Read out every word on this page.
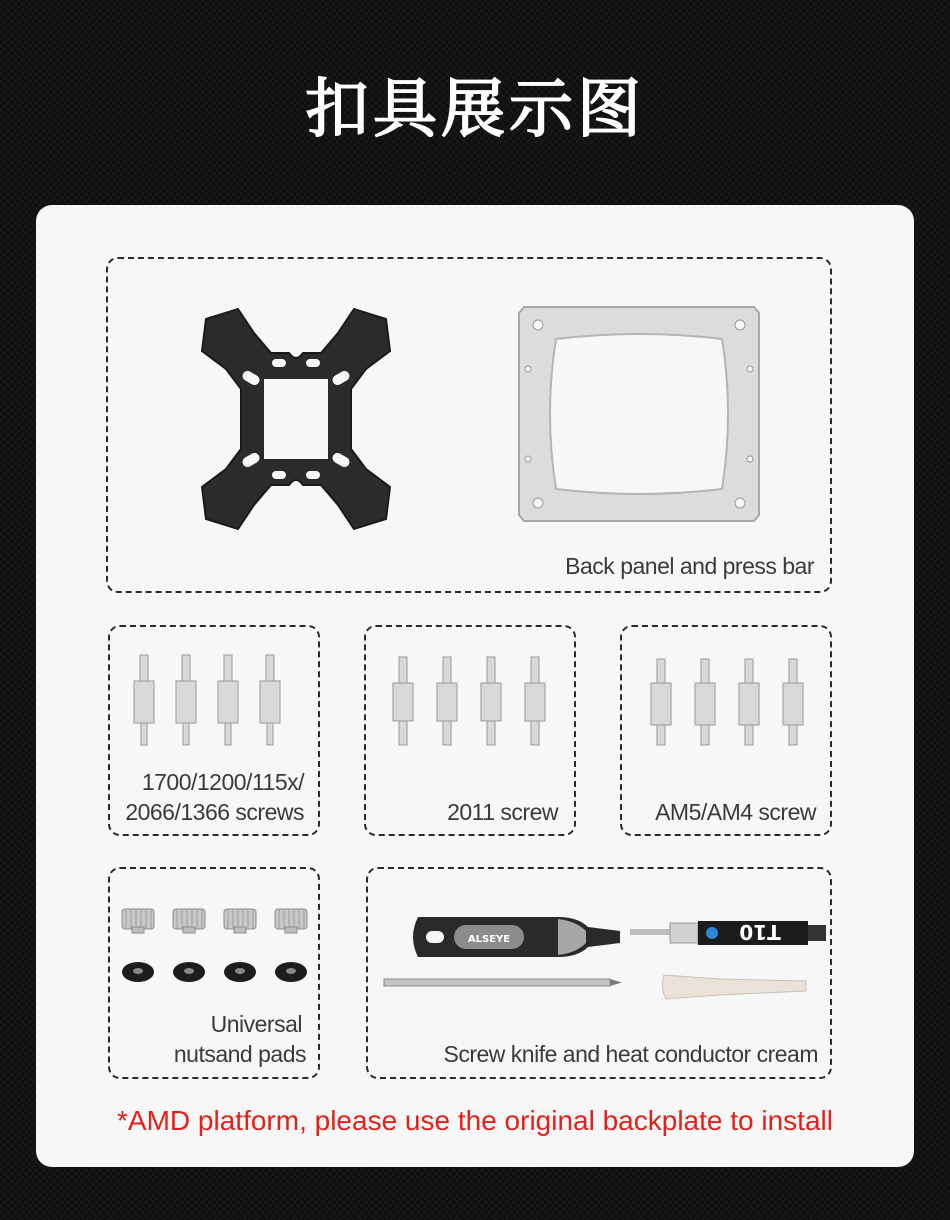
扣具展示图
Back panel and press bar
1700/1200/115x/
2066/1366 screws	2011 screw	AM5/AM4 screw
Universal
nutsand pads
ALSEYE	T10
Screw knife and heat conductor cream
*AMD platform, please use the original backplate to install
